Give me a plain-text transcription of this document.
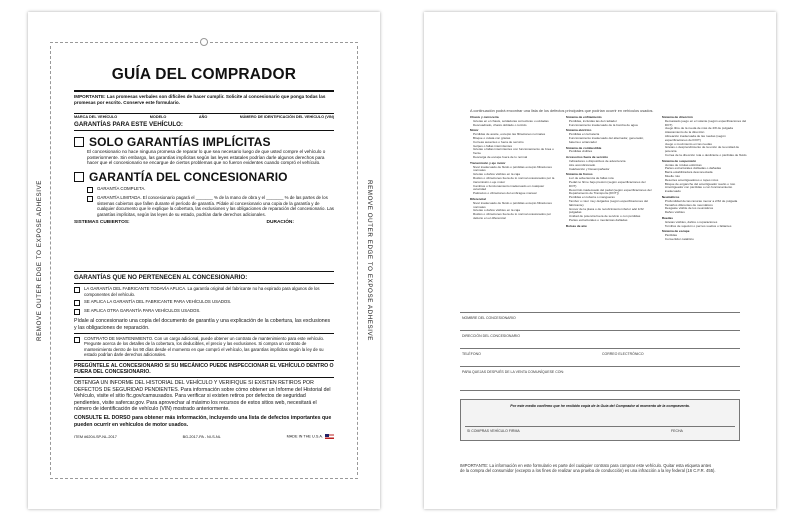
REMOVE OUTER EDGE TO EXPOSE ADHESIVE	REMOVE OUTER EDGE TO EXPOSE ADHESIVE
GUÍA DEL COMPRADOR
IMPORTANTE: Las promesas verbales son difíciles de hacer cumplir. Solicite al concesionario que ponga todas las promesas por escrito. Conserve este formulario.
MARCA DEL VEHÍCULO	MODELO	AÑO	NÚMERO DE IDENTIFICACIÓN DEL VEHÍCULO (VIN)
GARANTÍAS PARA ESTE VEHÍCULO:
SOLO GARANTÍAS IMPLÍCITAS
El concesionario no hace ninguna promesa de reparar lo que sea necesario luego de que usted compre el vehículo o posteriormente. Sin embargo, las garantías implícitas según las leyes estatales podrían darle algunos derechos para hacer que el concesionario se encargue de ciertos problemas que no fueron evidentes cuando compró el vehículo.
GARANTÍA DEL CONCESIONARIO
GARANTÍA COMPLETA.
GARANTÍA LIMITADA. El concesionario pagará el _______ % de la mano de obra y el _______ % de las partes de los sistemas cubiertos que fallen durante el período de garantía. Pídale al concesionario una copia de la garantía y de cualquier documento que le explique la cobertura, las exclusiones y las obligaciones de reparación del concesionario. Las garantías implícitas, según las leyes de su estado, podrían darle derechos adicionales.
SISTEMAS CUBIERTOS:	DURACIÓN:
GARANTÍAS QUE NO PERTENECEN AL CONCESIONARIO:
LA GARANTÍA DEL FABRICANTE TODAVÍA APLICA. La garantía original del fabricante no ha expirado para algunos de los componentes del vehículo.
SE APLICA LA GARANTÍA DEL FABRICANTE PARA VEHÍCULOS USADOS.
SE APLICA OTRA GARANTÍA PARA VEHÍCULOS USADOS.
Pídale al concesionario una copia del documento de garantía y una explicación de la cobertura, las exclusiones y las obligaciones de reparación.
CONTRATO DE MANTENIMIENTO. Con un cargo adicional, puede obtener un contrato de mantenimiento para este vehículo. Pregunte acerca de los detalles de la cobertura, los deducibles, el precio y las exclusiones. Si compra un contrato de mantenimiento dentro de los 90 días desde el momento en que compró el vehículo, las garantías implícitas según la ley de su estado podrían darle derechos adicionales.
PREGÚNTELE AL CONCESIONARIO SI SU MECÁNICO PUEDE INSPECCIONAR EL VEHÍCULO DENTRO O FUERA DEL CONCESIONARIO.
OBTENGA UN INFORME DEL HISTORIAL DEL VEHÍCULO Y VERIFIQUE SI EXISTEN RETIROS POR DEFECTOS DE SEGURIDAD PENDIENTES. Para información sobre cómo obtener un Informe del Historial del Vehículo, visite el sitio ftc.gov/camsusados. Para verificar si existen retiros por defectos de seguridad pendientes, visite safercar.gov. Para aprovechar al máximo los recursos de estos sitios web, necesitará el número de identificación de vehículo (VIN) mostrado anteriormente.
CONSULTE EL DORSO para obtener más información, incluyendo una lista de defectos importantes que pueden ocurrir en vehículos de motor usados.
ITEM #6204-SP-NL-2017	BG-2017-PA - NI-S-NL	MADE IN THE U.S.A.
A continuación podrá encontrar una lista de los defectos principales que podrían ocurrir en vehículos usados.
Chasis y carrocería
Grietas en el chasis, soldaduras correctivas u oxidadas
Descuadrado, chasis doblado o torcido
Motor
Pérdidas de aceite, excepto las filtraciones normales
Bloque o culata con grietas
Correas ausentes o fuera de servicio
Golpes o fallas intermitentes
Grietas o fallas intermitentes con funcionamiento de brea o frente
Descarga de escape fuera de lo normal
Transmisión y eje motor
Nivel inadecuado de fluido o pérdidas excepto filtraciones normales
Grietas o daños visibles en la caja
Ruidos o vibraciones fuera de lo normal ocasionados por la transmisión o eje motor
Cambios o funcionamiento inadecuado en cualquier velocidad
Patinazos o vibraciones del embrague manual
Diferencial
Nivel inadecuado de fluido o pérdidas excepto filtraciones normales
Grietas o daños visibles en la caja
Ruidos o vibraciones fuera de lo normal ocasionados por defecto en el diferencial
Sistema de enfriamiento
Pérdidas, incluidas las del radiador
Funcionamiento inadecuado de la bomba de agua
Sistema eléctrico
Pérdidas en la batería
Funcionamiento inadecuado del alternador, generador, batería o arrancador
Sistema de combustible
Pérdidas visibles
Accesorios fuera de servicio
Indicadores o dispositivos de advertencia
Aire acondicionado
Calefacción y Desempañador
Sistema de frenos
Luz de advertencia de fallas rota
Pedal no firme bajo presión (según especificaciones del DOT)
Recorrido inadecuado del pedal (según especificaciones del Departamento de Transporte [DOT])
Pérdidas en tubería o mangueras
Tambor o rotor muy delgados (según especificaciones del fabricante)
Grosor de la placa o de recubrimiento inferior a/al 1/32 pulgadas
Unidad de potencia fuera de servicio o con pérdidas
Partes estructurales o mecánicas dañadas
Bolsas de aire
Sistema de dirección
Demasiado juego en el volante (según especificaciones del DOT)
Juego libre de la rueda de más de 2/8 de pulgada
Atascamiento de la dirección
Alineación inadecuada de las ruedas (según especificaciones del DOT)
Juego o movimiento en las ruedas
Grietas o desprendimiento de la unión de la unidad de potencia
Correa de la dirección rota o deslizante o pérdidas de fluido
Sistema de suspensión
Juntas de rótulas esféricas
Partes estructurales dobladas o dañadas
Barra estabilizadora desconectada
Muelle roto
Resortes amortiguadores o topes rotos
Bloque de enganche del amortiguador suelto o roto
Amortiguador con pérdidas o con funcionamiento inadecuado
Neumáticos
Profundidad de las ranuras menor a 2/32 de pulgada
Tamaños diferentes de neumáticos
Desgaste visible de los neumáticos
Daños visibles
Ruedas
Grietas visibles, daños o reparaciones
Tornillos de sujeción o pernos sueltos o faltantes
Sistema de escape
Pérdidas
Convertidor catalítico
NOMBRE DEL CONCESIONARIO
DIRECCIÓN DEL CONCESIONARIO
TELÉFONO	CORREO ELECTRÓNICO
PARA QUEJAS DESPUÉS DE LA VENTA COMUNÍQUESE CON:
Por este medio confirmo que he recibido copia de la Guía del Comprador al momento de la compraventa.
SI COMPRAS VEHÍCULO FIRMA	FECHA
IMPORTANTE: La información en este formulario es parte del cualquier contrato para comprar este vehículo. Quitar esta etiqueta antes de la compra del consumidor (excepto a los fines de realizar una prueba de conducción) es una infracción a la ley federal (16 C.F.R. 455).
